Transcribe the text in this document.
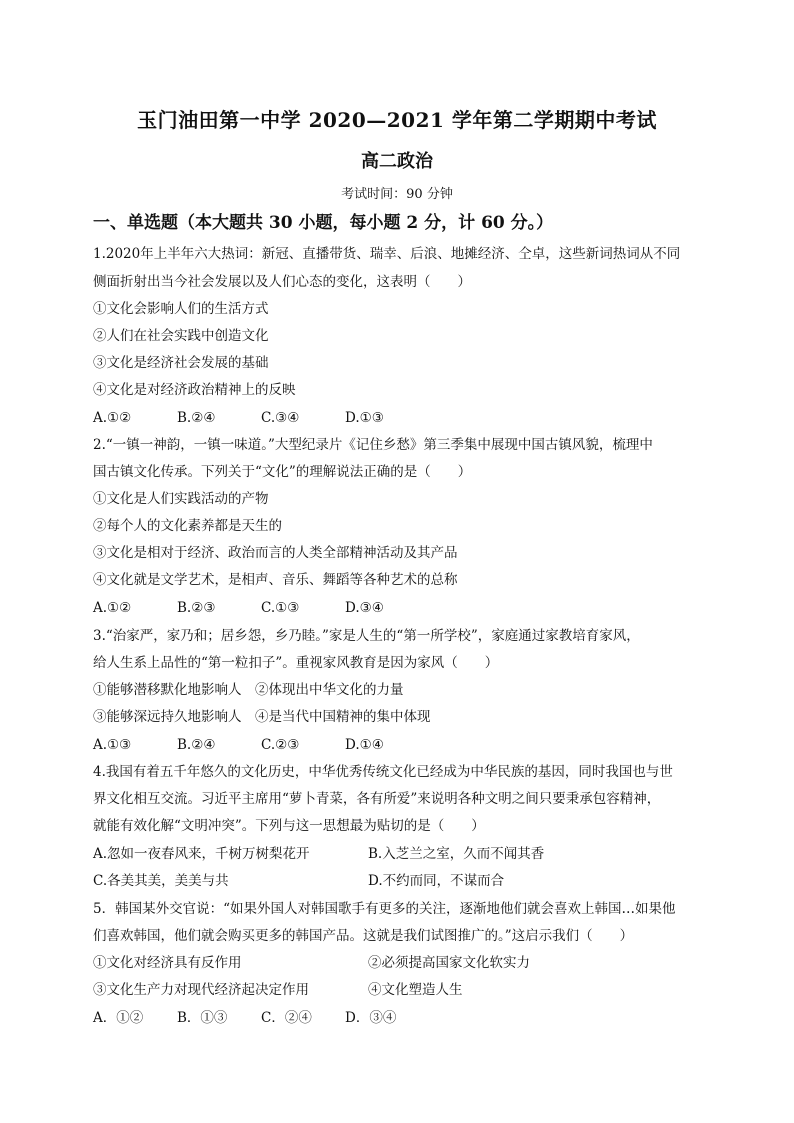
玉门油田第一中学 2020—2021 学年第二学期期中考试
高二政治
考试时间：90 分钟
一、单选题（本大题共 30 小题，每小题 2 分，计 60 分。）
1.2020年上半年六大热词：新冠、直播带货、瑞幸、后浪、地摊经济、仝卓，这些新词热词从不同
侧面折射出当今社会发展以及人们心态的变化，这表明（　　）
①文化会影响人们的生活方式
②人们在社会实践中创造文化
③文化是经济社会发展的基础
④文化是对经济政治精神上的反映
A.①②	B.②④	C.③④	D.①③
2.“一镇一神韵，一镇一味道。”大型纪录片《记住乡愁》第三季集中展现中国古镇风貌，梳理中
国古镇文化传承。下列关于“文化”的理解说法正确的是（　　）
①文化是人们实践活动的产物
②每个人的文化素养都是天生的
③文化是相对于经济、政治而言的人类全部精神活动及其产品
④文化就是文学艺术，是相声、音乐、舞蹈等各种艺术的总称
A.①②	B.②③	C.①③	D.③④
3.“治家严，家乃和；居乡怨，乡乃睦。”家是人生的“第一所学校”，家庭通过家教培育家风，
给人生系上品性的“第一粒扣子”。重视家风教育是因为家风（　　）
①能够潜移默化地影响人　②体现出中华文化的力量
③能够深远持久地影响人　④是当代中国精神的集中体现
A.①③	B.②④	C.②③	D.①④
4.我国有着五千年悠久的文化历史，中华优秀传统文化已经成为中华民族的基因，同时我国也与世
界文化相互交流。习近平主席用“萝卜青菜，各有所爱”来说明各种文明之间只要秉承包容精神，
就能有效化解“文明冲突”。下列与这一思想最为贴切的是（　　）
A.忽如一夜春风来，千树万树梨花开	B.入芝兰之室，久而不闻其香
C.各美其美，美美与共	D.不约而同，不谋而合
5．韩国某外交官说：“如果外国人对韩国歌手有更多的关注，逐渐地他们就会喜欢上韩国…如果他
们喜欢韩国，他们就会购买更多的韩国产品。这就是我们试图推广的。”这启示我们（　　）
①文化对经济具有反作用	②必须提高国家文化软实力
③文化生产力对现代经济起决定作用	④文化塑造人生
A．①②	B．①③ C．②④ D．③④
